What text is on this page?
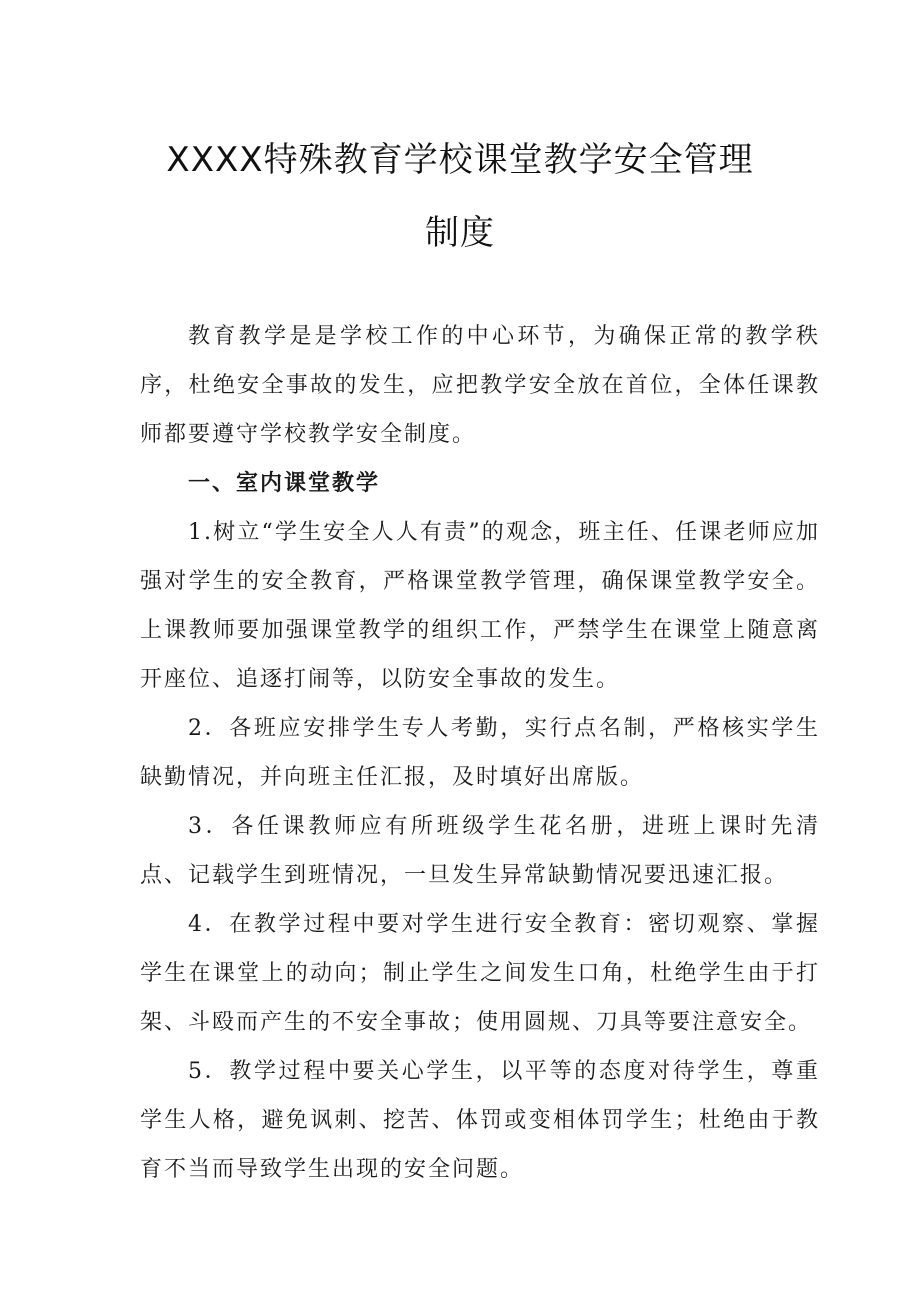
XXXX特殊教育学校课堂教学安全管理
制度

教育教学是是学校工作的中心环节，为确保正常的教学秩序，杜绝安全事故的发生，应把教学安全放在首位，全体任课教师都要遵守学校教学安全制度。

一、室内课堂教学

1.树立“学生安全人人有责”的观念，班主任、任课老师应加强对学生的安全教育，严格课堂教学管理，确保课堂教学安全。上课教师要加强课堂教学的组织工作，严禁学生在课堂上随意离开座位、追逐打闹等，以防安全事故的发生。

2．各班应安排学生专人考勤，实行点名制，严格核实学生缺勤情况，并向班主任汇报，及时填好出席版。

3．各任课教师应有所班级学生花名册，进班上课时先清点、记载学生到班情况，一旦发生异常缺勤情况要迅速汇报。

4．在教学过程中要对学生进行安全教育：密切观察、掌握学生在课堂上的动向；制止学生之间发生口角，杜绝学生由于打架、斗殴而产生的不安全事故；使用圆规、刀具等要注意安全。

5．教学过程中要关心学生，以平等的态度对待学生，尊重学生人格，避免讽刺、挖苦、体罚或变相体罚学生；杜绝由于教育不当而导致学生出现的安全问题。
